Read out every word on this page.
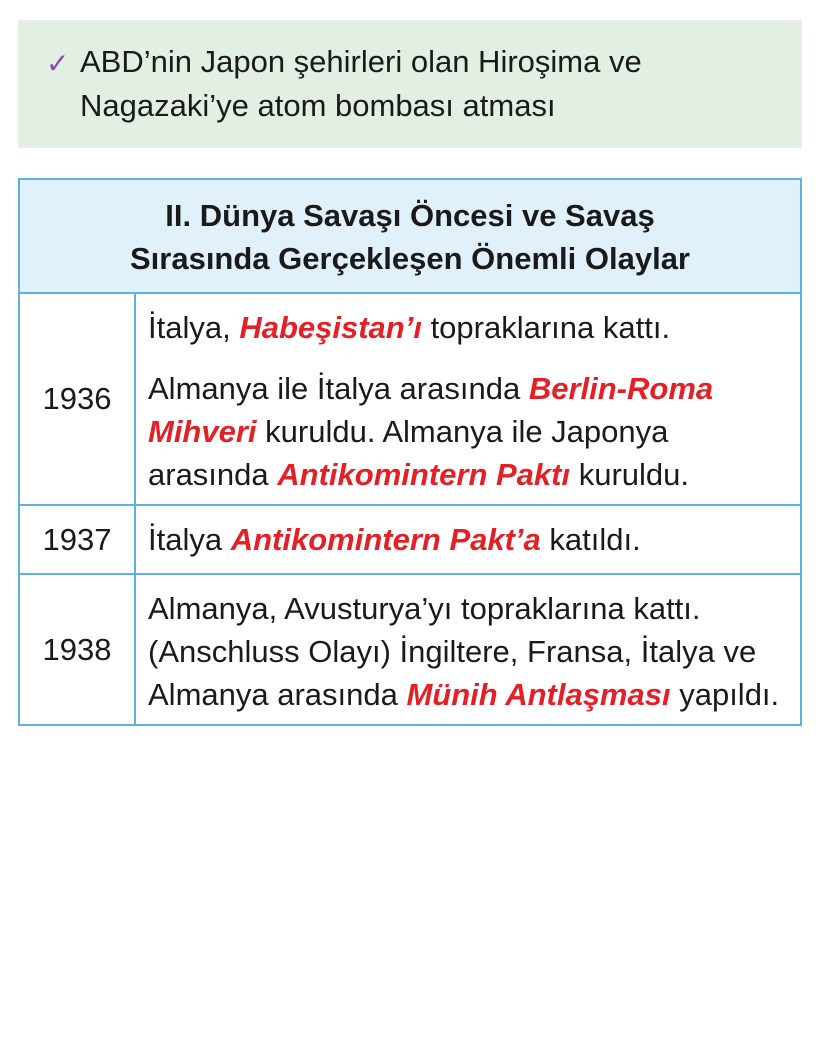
✓ ABD’nin Japon şehirleri olan Hiroşima ve
Nagazaki’ye atom bombası atması
II. Dünya Savaşı Öncesi ve Savaş
Sırasında Gerçekleşen Önemli Olaylar	
1936	İtalya, Habeşistan’ı topraklarına kattı.

Almanya ile İtalya arasında Berlin-Roma Mihveri kuruldu. Almanya ile Japonya arasında Antikomintern Paktı kuruldu.

1937	İtalya Antikomintern Pakt’a katıldı.

1938	Almanya, Avusturya’yı topraklarına kattı.(Anschluss Olayı) İngiltere, Fransa, İtalya ve Almanya arasında Münih Antlaşması yapıldı.
